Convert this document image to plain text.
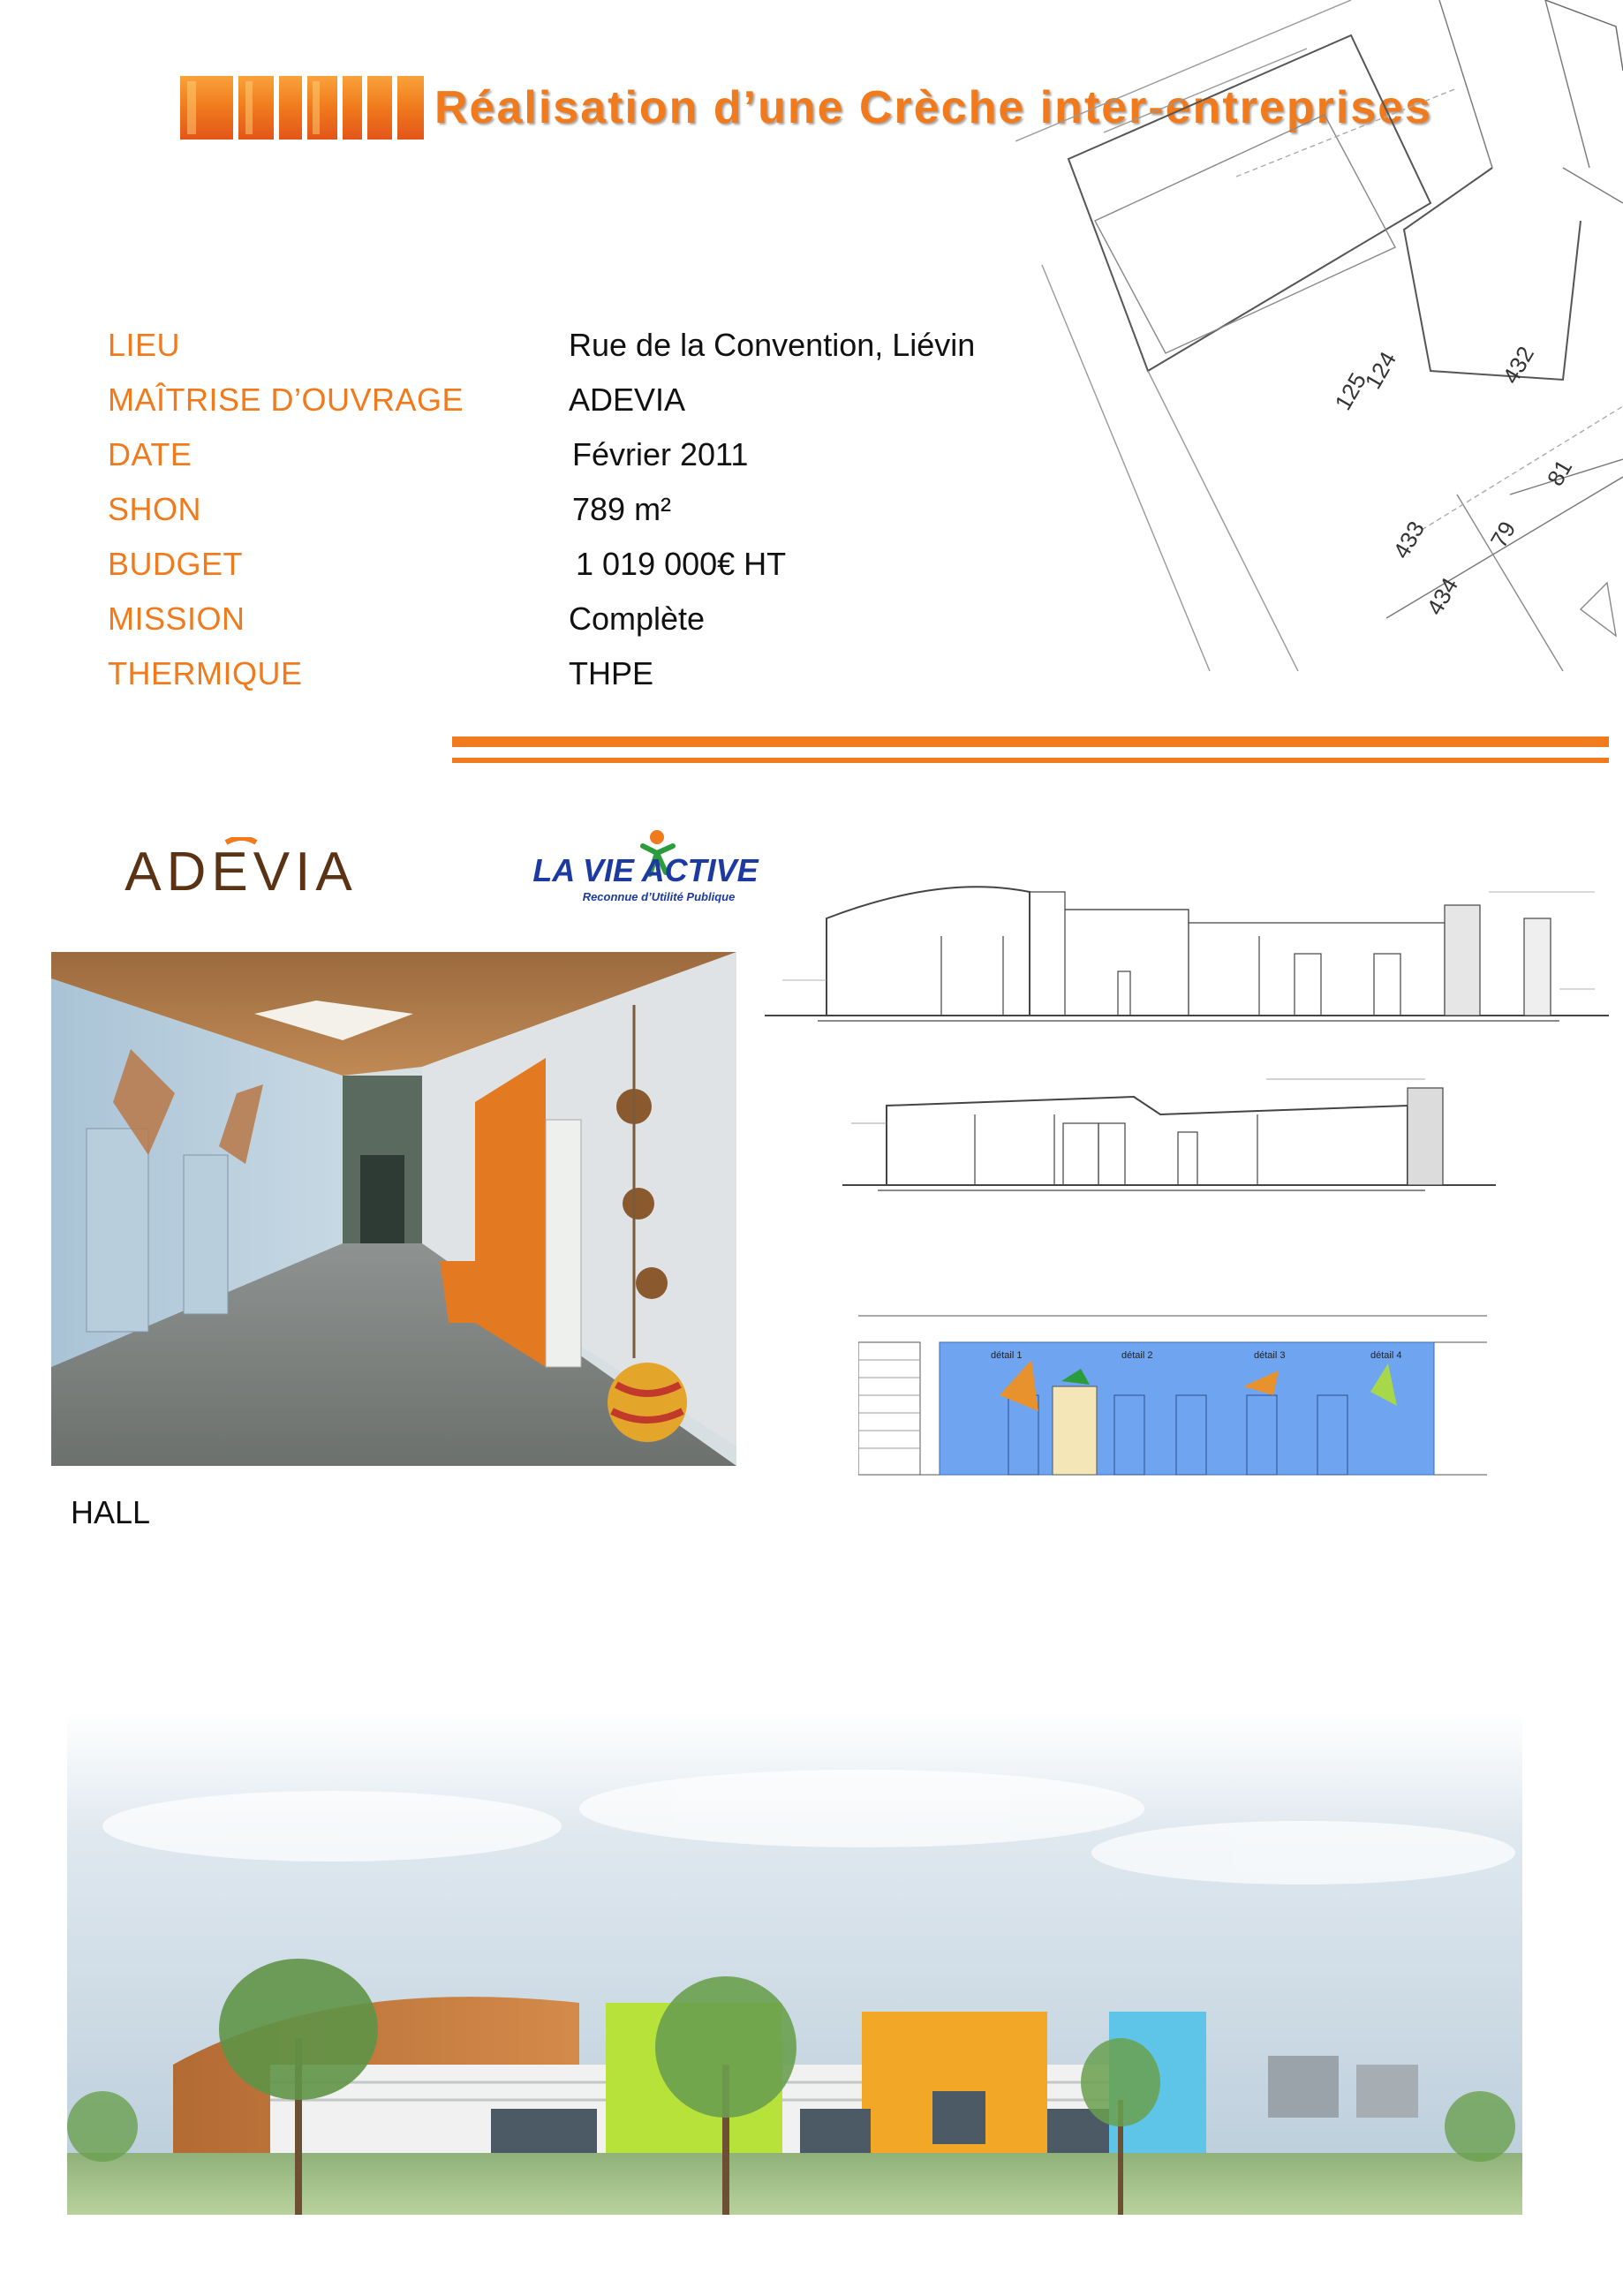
Réalisation d’une Crèche inter-entreprises
125
124	432
81
433 79
434
LIEU	Rue de la Convention, Liévin
MAÎTRISE D’OUVRAGE	ADEVIA
DATE	Février 2011
SHON	789 m²
BUDGET	1 019 000€ HT
MISSION	Complète
THERMIQUE	THPE
ADEVIA	LA VIE ACTIVE
Reconnue d’Utilité Publique
HALL
détail 1	détail 2	détail 3	détail 4
